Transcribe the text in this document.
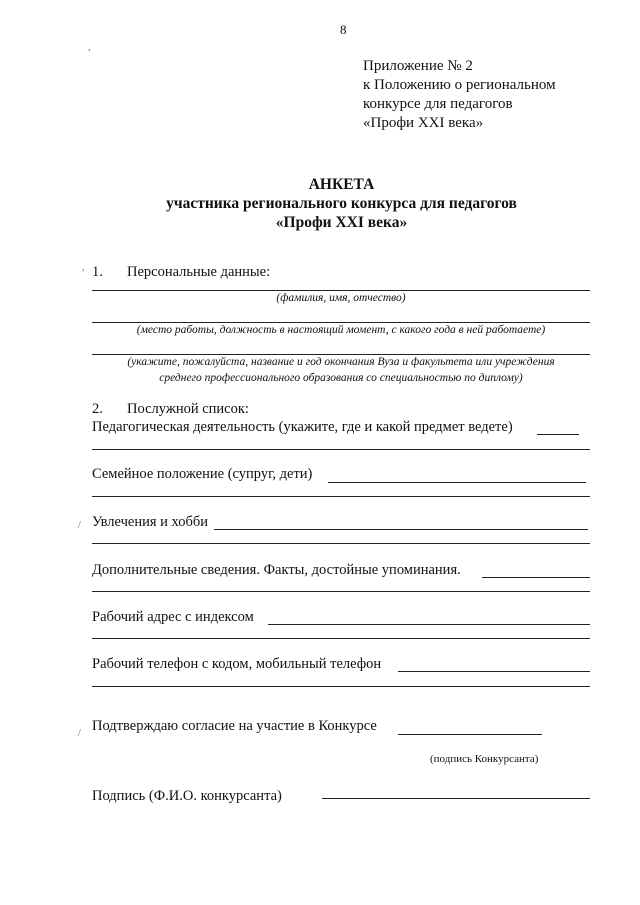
8
Приложение № 2
к Положению о региональном
конкурсе для педагогов
«Профи XXI века»
АНКЕТА
участника регионального конкурса для педагогов
«Профи XXI века»
1. Персональные данные:
(фамилия, имя, отчество)
(место работы, должность в настоящий момент, с какого года в ней работаете)
(укажите, пожалуйста, название и год окончания Вуза и факультета или учреждения
среднего профессионального образования со специальностью по диплому)
2. Послужной список:
Педагогическая деятельность (укажите, где и какой предмет ведете)
Семейное положение (супруг, дети)
Увлечения и хобби
Дополнительные сведения. Факты, достойные упоминания.
Рабочий адрес с индексом
Рабочий телефон с кодом, мобильный телефон
Подтверждаю согласие на участие в Конкурсе
(подпись Конкурсанта)
Подпись (Ф.И.О. конкурсанта)
,
,
/
/
